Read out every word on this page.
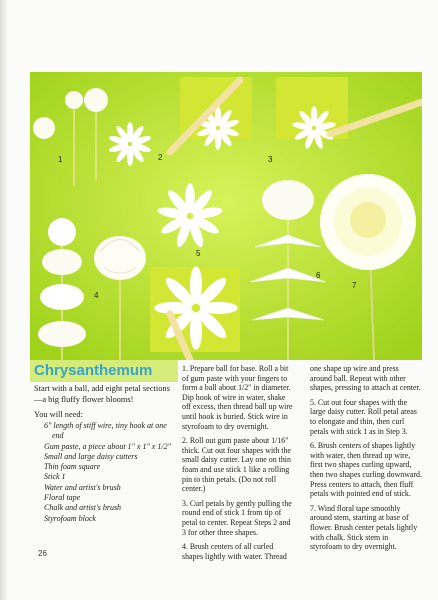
1	2	3
4
5
6
7
Chrysanthemum
Start with a ball, add eight petal sections—a big fluffy flower blooms!
You will need:
6" length of stiff wire, tiny hook at one end
Gum paste, a piece about 1" x 1" x 1/2"
Small and large daisy cutters
Thin foam square
Stick 1
Water and artist's brush
Floral tape
Chalk and artist's brush
Styrofoam block

1. Prepare ball for base. Roll a bit of gum paste with your fingers to form a ball about 1/2" in diameter. Dip hook of wire in water, shake off excess, then thread ball up wire until hook is buried. Stick wire in styrofoam to dry overnight.

2. Roll out gum paste about 1/16" thick. Cut out four shapes with the small daisy cutter. Lay one on thin foam and use stick 1 like a rolling pin to thin petals. (Do not roll center.)

3. Curl petals by gently pulling the round end of stick 1 from tip of petal to center. Repeat Steps 2 and 3 for other three shapes.

4. Brush centers of all curled shapes lightly with water. Thread

one shape up wire and press around ball. Repeat with other shapes, pressing to attach at center.

5. Cut out four shapes with the large daisy cutter. Roll petal areas to elongate and thin, then curl petals with stick 1 as in Step 3.

6. Brush centers of shapes lightly with water, then thread up wire, first two shapes curling upward, then two shapes curling downward. Press centers to attach, then fluff petals with pointed end of stick.

7. Wind floral tape smoothly around stem, starting at base of flower. Brush center petals lightly with chalk. Stick stem in styrofoam to dry overnight.

26
